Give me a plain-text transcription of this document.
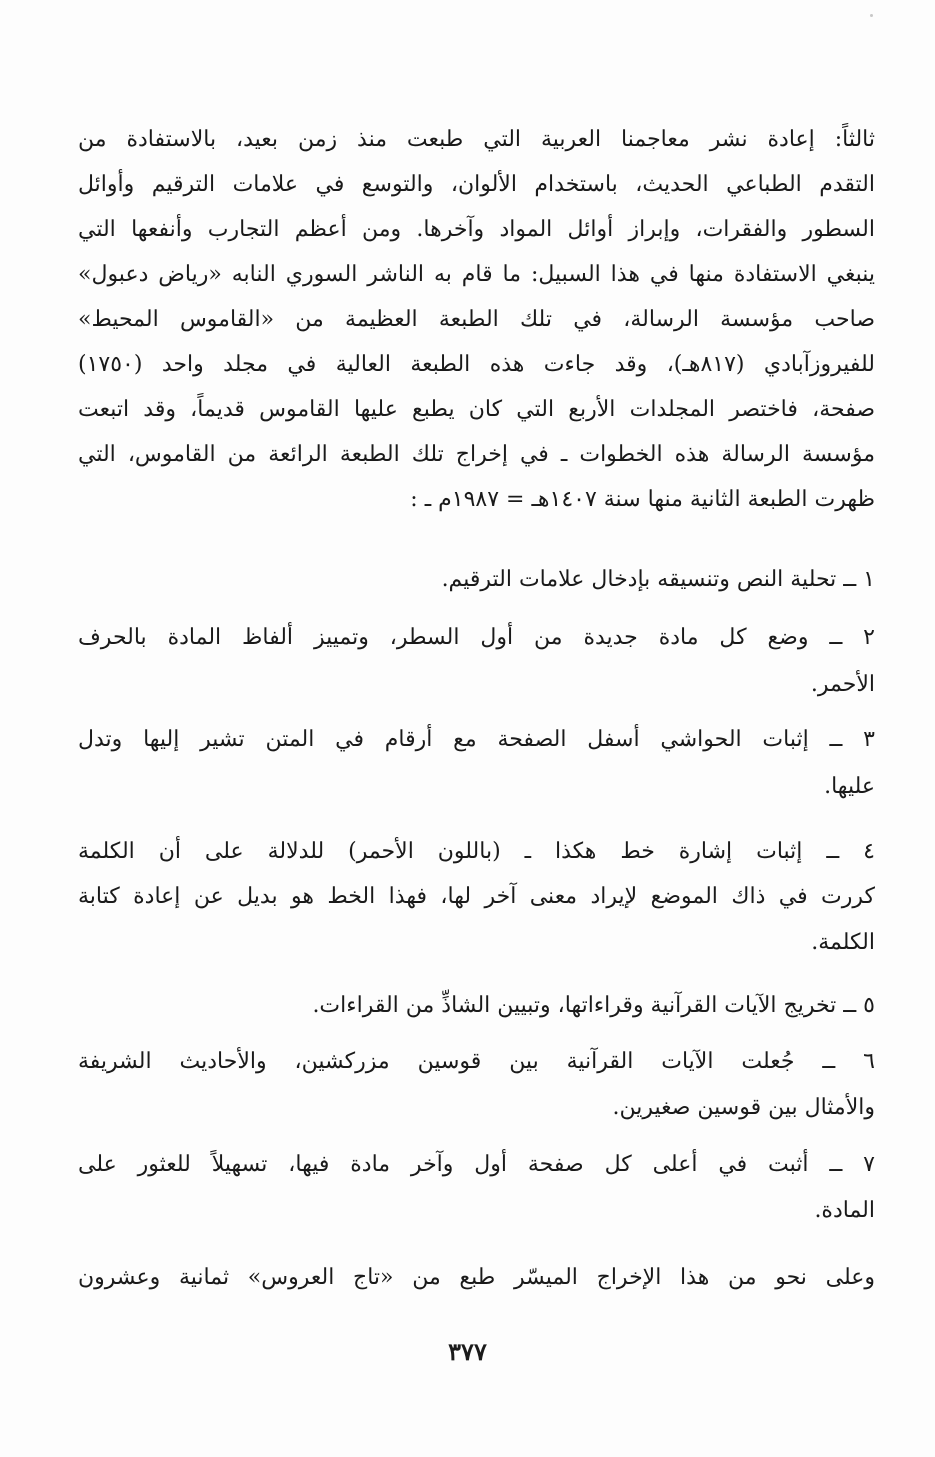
ثالثاً: إعادة نشر معاجمنا العربية التي طبعت منذ زمن بعيد، بالاستفادة من
التقدم الطباعي الحديث، باستخدام الألوان، والتوسع في علامات الترقيم وأوائل
السطور والفقرات، وإبراز أوائل المواد وآخرها. ومن أعظم التجارب وأنفعها التي
ينبغي الاستفادة منها في هذا السبيل: ما قام به الناشر السوري النابه «رياض دعبول»
صاحب مؤسسة الرسالة، في تلك الطبعة العظيمة من «القاموس المحيط»
للفيروزآبادي (٨١٧هـ)، وقد جاءت هذه الطبعة العالية في مجلد واحد (١٧٥٠)
صفحة، فاختصر المجلدات الأربع التي كان يطبع عليها القاموس قديماً، وقد اتبعت
مؤسسة الرسالة هذه الخطوات ـ في إخراج تلك الطبعة الرائعة من القاموس، التي
ظهرت الطبعة الثانية منها سنة ١٤٠٧هـ = ١٩٨٧م ـ :
١ ــ تحلية النص وتنسيقه بإدخال علامات الترقيم.
٢ ــ وضع كل مادة جديدة من أول السطر، وتمييز ألفاظ المادة بالحرف
الأحمر.
٣ ــ إثبات الحواشي أسفل الصفحة مع أرقام في المتن تشير إليها وتدل
عليها.
٤ ــ إثبات إشارة خط هكذا ـ (باللون الأحمر) للدلالة على أن الكلمة
كررت في ذاك الموضع لإيراد معنى آخر لها، فهذا الخط هو بديل عن إعادة كتابة
الكلمة.
٥ ــ تخريج الآيات القرآنية وقراءاتها، وتبيين الشاذِّ من القراءات.
٦ ــ جُعلت الآيات القرآنية بين قوسين مزركشين، والأحاديث الشريفة
والأمثال بين قوسين صغيرين.
٧ ــ أثبت في أعلى كل صفحة أول وآخر مادة فيها، تسهيلاً للعثور على
المادة.
وعلى نحو من هذا الإخراج الميسّر طبع من «تاج العروس» ثمانية وعشرون
٣٧٧
